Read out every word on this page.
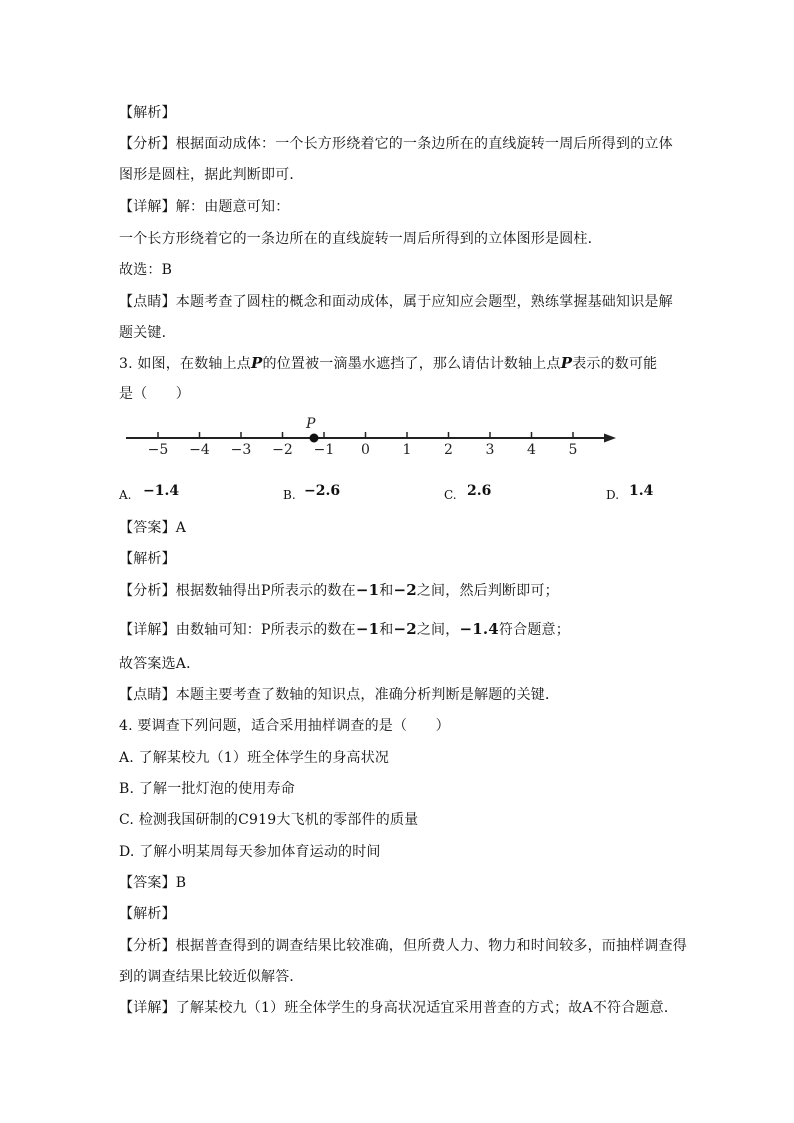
【解析】
【分析】根据面动成体：一个长方形绕着它的一条边所在的直线旋转一周后所得到的立体
图形是圆柱，据此判断即可．
【详解】解：由题意可知：
一个长方形绕着它的一条边所在的直线旋转一周后所得到的立体图形是圆柱．
故选：B
【点睛】本题考查了圆柱的概念和面动成体，属于应知应会题型，熟练掌握基础知识是解
题关键．
3. 如图，在数轴上点P的位置被一滴墨水遮挡了，那么请估计数轴上点P表示的数可能
是（　　）
−5 −4 −3 −2 −1 0 1 2 3 4 5
P
A. −1.4	B. −2.6	C. 2.6	D. 1.4
【答案】A
【解析】
【分析】根据数轴得出P所表示的数在−1和−2之间，然后判断即可；
【详解】由数轴可知：P所表示的数在−1和−2之间，−1.4符合题意；
故答案选A．
【点睛】本题主要考查了数轴的知识点，准确分析判断是解题的关键．
4. 要调查下列问题，适合采用抽样调查的是（　　）
A. 了解某校九（1）班全体学生的身高状况
B. 了解一批灯泡的使用寿命
C. 检测我国研制的C919大飞机的零部件的质量
D. 了解小明某周每天参加体育运动的时间
【答案】B
【解析】
【分析】根据普查得到的调查结果比较准确，但所费人力、物力和时间较多，而抽样调查得
到的调查结果比较近似解答．
【详解】了解某校九（1）班全体学生的身高状况适宜采用普查的方式；故A不符合题意．
